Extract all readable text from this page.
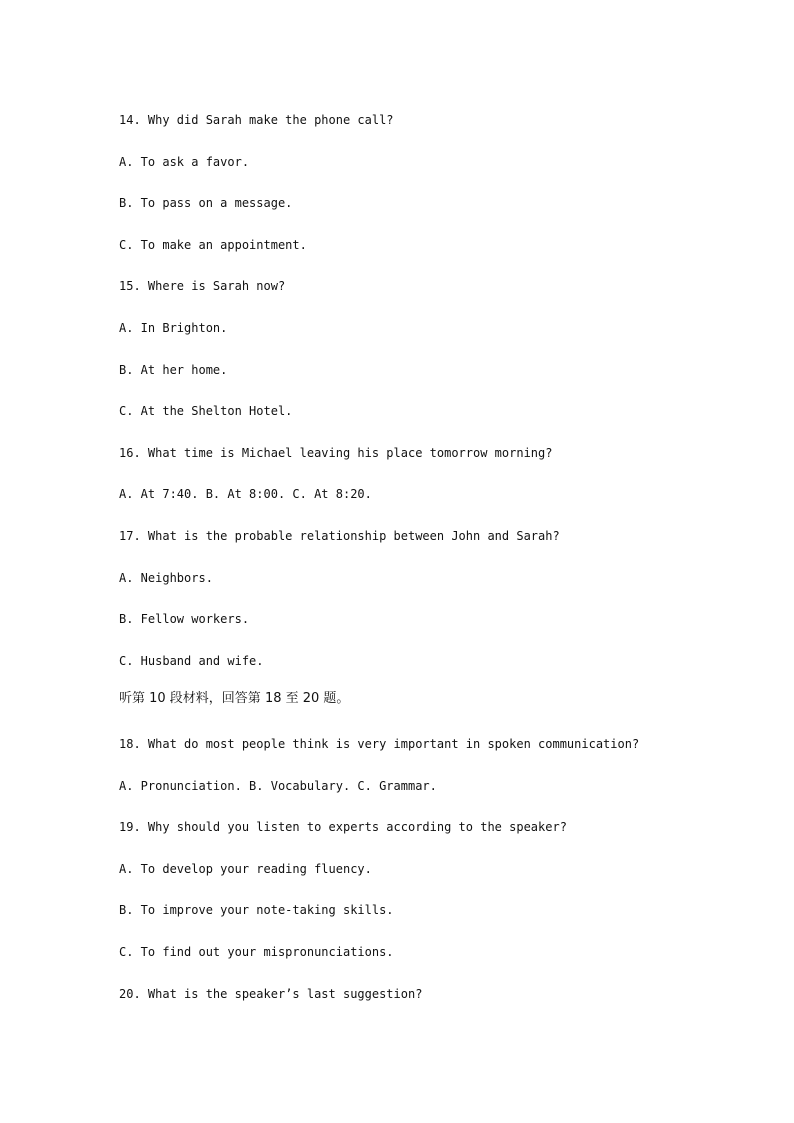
14. Why did Sarah make the phone call?
A. To ask a favor.
B. To pass on a message.
C. To make an appointment.
15. Where is Sarah now?
A. In Brighton.
B. At her home.
C. At the Shelton Hotel.
16. What time is Michael leaving his place tomorrow morning?
A. At 7:40. B. At 8:00. C. At 8:20.
17. What is the probable relationship between John and Sarah?
A. Neighbors.
B. Fellow workers.
C. Husband and wife.
听第 10 段材料，回答第 18 至 20 题。
18. What do most people think is very important in spoken communication?
A. Pronunciation. B. Vocabulary. C. Grammar.
19. Why should you listen to experts according to the speaker?
A. To develop your reading fluency.
B. To improve your note-taking skills.
C. To find out your mispronunciations.
20. What is the speaker’s last suggestion?
